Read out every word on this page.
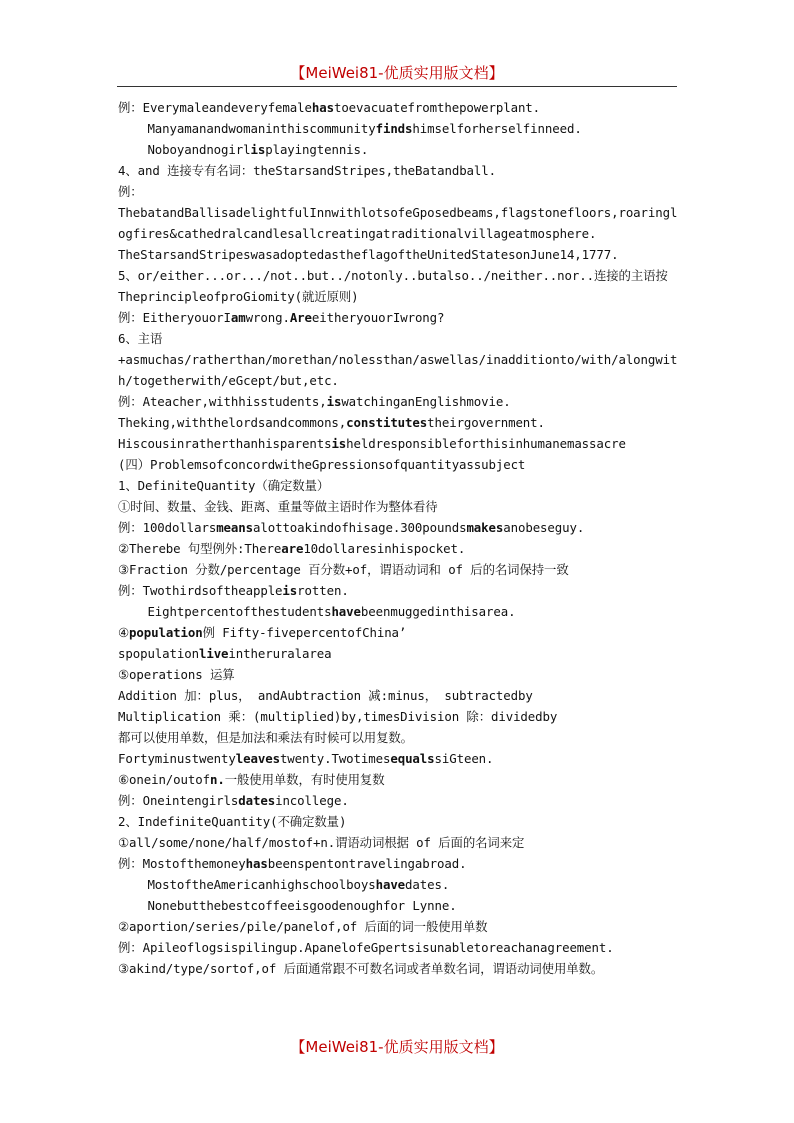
【MeiWei81-优质实用版文档】
例：Everymaleandeveryfemalehastoevacuatefromthepowerplant.
Manyamanandwomaninthiscommunityfindshimselforherselfinneed.
Noboyandnogirlisplayingtennis.
4、and 连接专有名词：theStarsandStripes,theBatandball.
例：
ThebatandBallisadelightfulInnwithlotsofeGposedbeams,flagstonefloors,roaringlogfires&cathedralcandlesallcreatingatraditionalvillageatmosphere.
TheStarsandStripeswasadoptedastheflagoftheUnitedStatesonJune14,1777.
5、or/either...or.../not..but../notonly..butalso../neither..nor..连接的主语按 TheprincipleofproGiomity(就近原则)
例：EitheryouorIamwrong.AreeitheryouorIwrong?
6、主语
+asmuchas/ratherthan/morethan/nolessthan/aswellas/inadditionto/with/alongwith/togetherwith/eGcept/but,etc.
例：Ateacher,withhisstudents,iswatchinganEnglishmovie.
Theking,withthelordsandcommons,constitutestheirgovernment.
Hiscousinratherthanhisparentsisheldresponsibleforthisinhumanemassacre
(四）ProblemsofconcordwitheGpressionsofquantityassubject
1、DefiniteQuantity（确定数量）
①时间、数量、金钱、距离、重量等做主语时作为整体看待
例：100dollarsmeansalottoakindofhisage.300poundsmakesanobeseguy.
②Therebe 句型例外:Thereare10dollaresinhispocket.
③Fraction 分数/percentage 百分数+of，谓语动词和 of 后的名词保持一致
例：Twothirdsoftheappleisrotten.
Eightpercentofthestudentshavebeenmuggedinthisarea.
④population例 Fifty-fivepercentofChina’
spopulationliveintheruralarea
⑤operations 运算
Addition 加：plus， andAubtraction 减:minus， subtractedby
Multiplication 乘：(multiplied)by,timesDivision 除：dividedby
都可以使用单数，但是加法和乘法有时候可以用复数。
Fortyminustwentyleavestwenty.TwotimesequalssiGteen.
⑥onein/outofn.一般使用单数，有时使用复数
例：Oneintengirlsdatesincollege.
2、IndefiniteQuantity(不确定数量)
①all/some/none/half/mostof+n.谓语动词根据 of 后面的名词来定
例：Mostofthemoneyhasbeenspentontravelingabroad.
MostoftheAmericanhighschoolboyshavedates.
Nonebutthebestcoffeeisgoodenoughfor Lynne.
②aportion/series/pile/panelof,of 后面的词一般使用单数
例：Apileoflogsispilingup.ApanelofeGpertsisunabletoreachanagreement.
③akind/type/sortof,of 后面通常跟不可数名词或者单数名词，谓语动词使用单数。
【MeiWei81-优质实用版文档】
